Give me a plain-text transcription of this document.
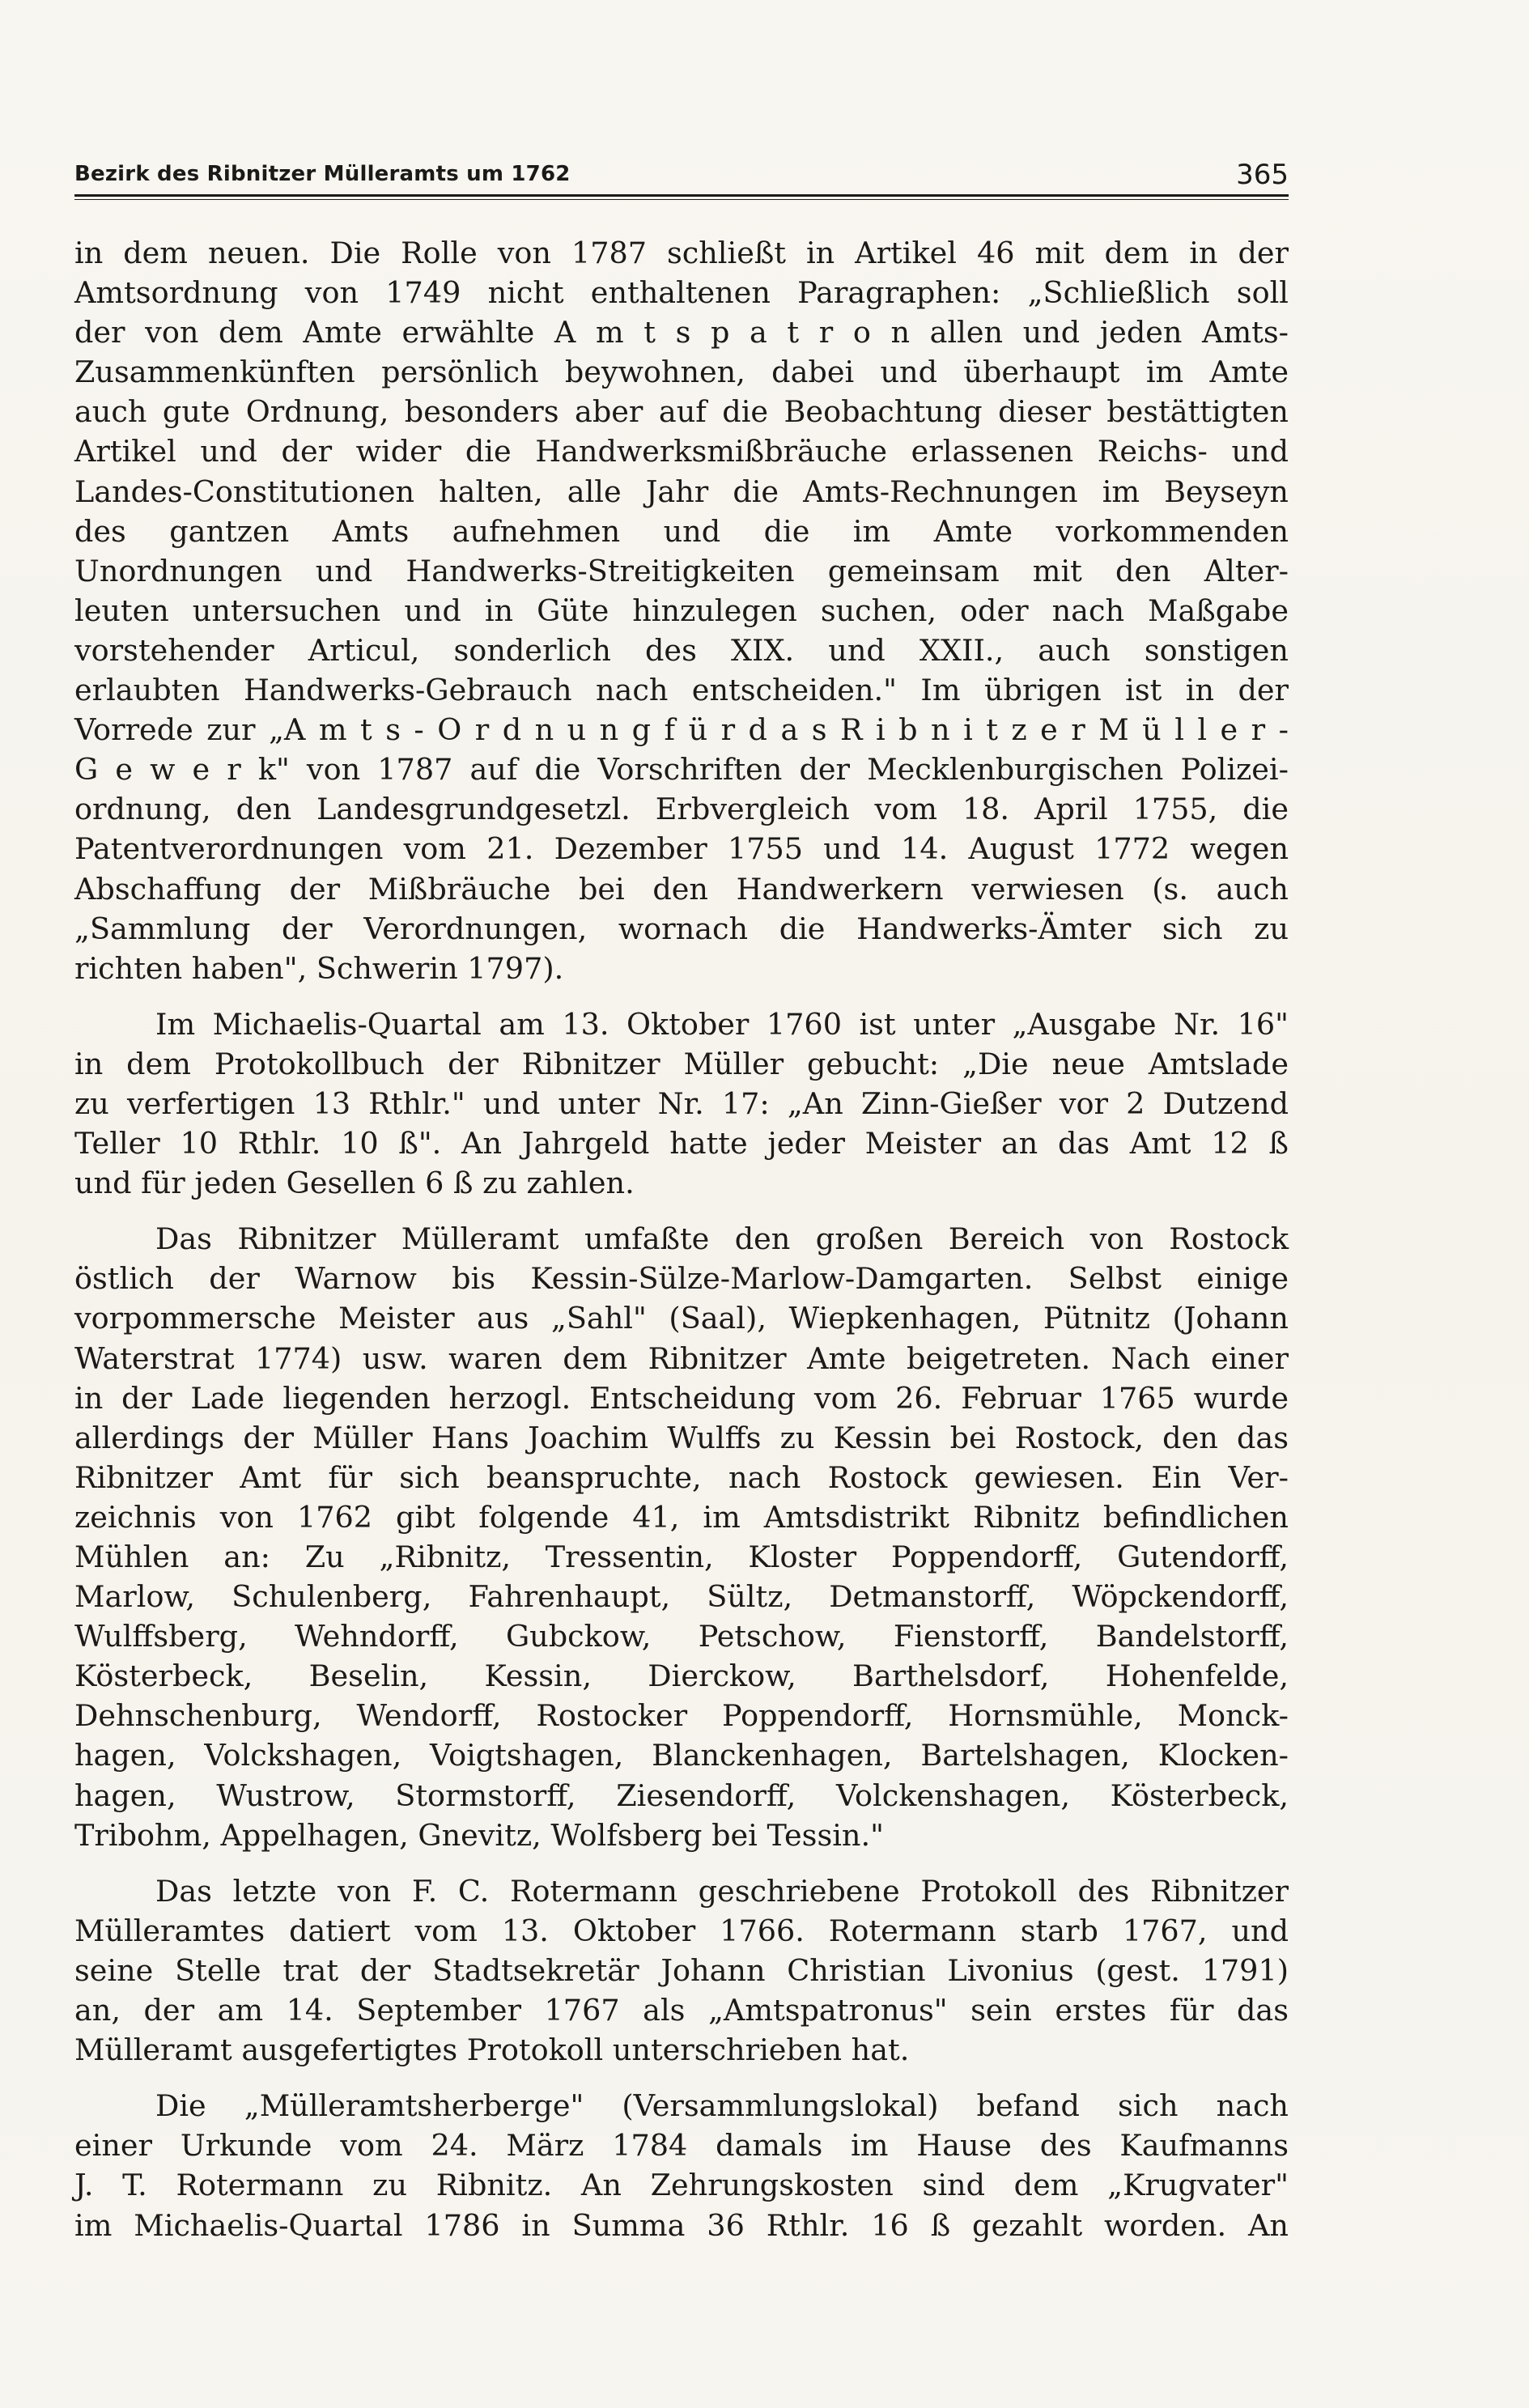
Bezirk des Ribnitzer Mülleramts um 1762	365
in dem neuen. Die Rolle von 1787 schließt in Artikel 46 mit dem in der
Amtsordnung von 1749 nicht enthaltenen Paragraphen: „Schließlich soll
der von dem Amte erwählte A m t s p a t r o n allen und jeden Amts-
Zusammenkünften persönlich beywohnen, dabei und überhaupt im Amte
auch gute Ordnung, besonders aber auf die Beobachtung dieser bestättigten
Artikel und der wider die Handwerksmißbräuche erlassenen Reichs- und
Landes-Constitutionen halten, alle Jahr die Amts-Rechnungen im Beyseyn
des gantzen Amts aufnehmen und die im Amte vorkommenden
Unordnungen und Handwerks-Streitigkeiten gemeinsam mit den Alter-
leuten untersuchen und in Güte hinzulegen suchen, oder nach Maßgabe
vorstehender Articul, sonderlich des XIX. und XXII., auch sonstigen
erlaubten Handwerks-Gebrauch nach entscheiden." Im übrigen ist in der
Vorrede zur „A m t s - O r d n u n g f ü r d a s R i b n i t z e r M ü l l e r -
G e w e r k" von 1787 auf die Vorschriften der Mecklenburgischen Polizei-
ordnung, den Landesgrundgesetzl. Erbvergleich vom 18. April 1755, die
Patentverordnungen vom 21. Dezember 1755 und 14. August 1772 wegen
Abschaffung der Mißbräuche bei den Handwerkern verwiesen (s. auch
„Sammlung der Verordnungen, wornach die Handwerks-Ämter sich zu
richten haben", Schwerin 1797).
Im Michaelis-Quartal am 13. Oktober 1760 ist unter „Ausgabe Nr. 16"
in dem Protokollbuch der Ribnitzer Müller gebucht: „Die neue Amtslade
zu verfertigen 13 Rthlr." und unter Nr. 17: „An Zinn-Gießer vor 2 Dutzend
Teller 10 Rthlr. 10 ß". An Jahrgeld hatte jeder Meister an das Amt 12 ß
und für jeden Gesellen 6 ß zu zahlen.
Das Ribnitzer Mülleramt umfaßte den großen Bereich von Rostock
östlich der Warnow bis Kessin-Sülze-Marlow-Damgarten. Selbst einige
vorpommersche Meister aus „Sahl" (Saal), Wiepkenhagen, Pütnitz (Johann
Waterstrat 1774) usw. waren dem Ribnitzer Amte beigetreten. Nach einer
in der Lade liegenden herzogl. Entscheidung vom 26. Februar 1765 wurde
allerdings der Müller Hans Joachim Wulffs zu Kessin bei Rostock, den das
Ribnitzer Amt für sich beanspruchte, nach Rostock gewiesen. Ein Ver-
zeichnis von 1762 gibt folgende 41, im Amtsdistrikt Ribnitz befindlichen
Mühlen an: Zu „Ribnitz, Tressentin, Kloster Poppendorff, Gutendorff,
Marlow, Schulenberg, Fahrenhaupt, Sültz, Detmanstorff, Wöpckendorff,
Wulffsberg, Wehndorff, Gubckow, Petschow, Fienstorff, Bandelstorff,
Kösterbeck, Beselin, Kessin, Dierckow, Barthelsdorf, Hohenfelde,
Dehnschenburg, Wendorff, Rostocker Poppendorff, Hornsmühle, Monck-
hagen, Volckshagen, Voigtshagen, Blanckenhagen, Bartelshagen, Klocken-
hagen, Wustrow, Stormstorff, Ziesendorff, Volckenshagen, Kösterbeck,
Tribohm, Appelhagen, Gnevitz, Wolfsberg bei Tessin."
Das letzte von F. C. Rotermann geschriebene Protokoll des Ribnitzer
Mülleramtes datiert vom 13. Oktober 1766. Rotermann starb 1767, und
seine Stelle trat der Stadtsekretär Johann Christian Livonius (gest. 1791)
an, der am 14. September 1767 als „Amtspatronus" sein erstes für das
Mülleramt ausgefertigtes Protokoll unterschrieben hat.
Die „Mülleramtsherberge" (Versammlungslokal) befand sich nach
einer Urkunde vom 24. März 1784 damals im Hause des Kaufmanns
J. T. Rotermann zu Ribnitz. An Zehrungskosten sind dem „Krugvater"
im Michaelis-Quartal 1786 in Summa 36 Rthlr. 16 ß gezahlt worden. An
